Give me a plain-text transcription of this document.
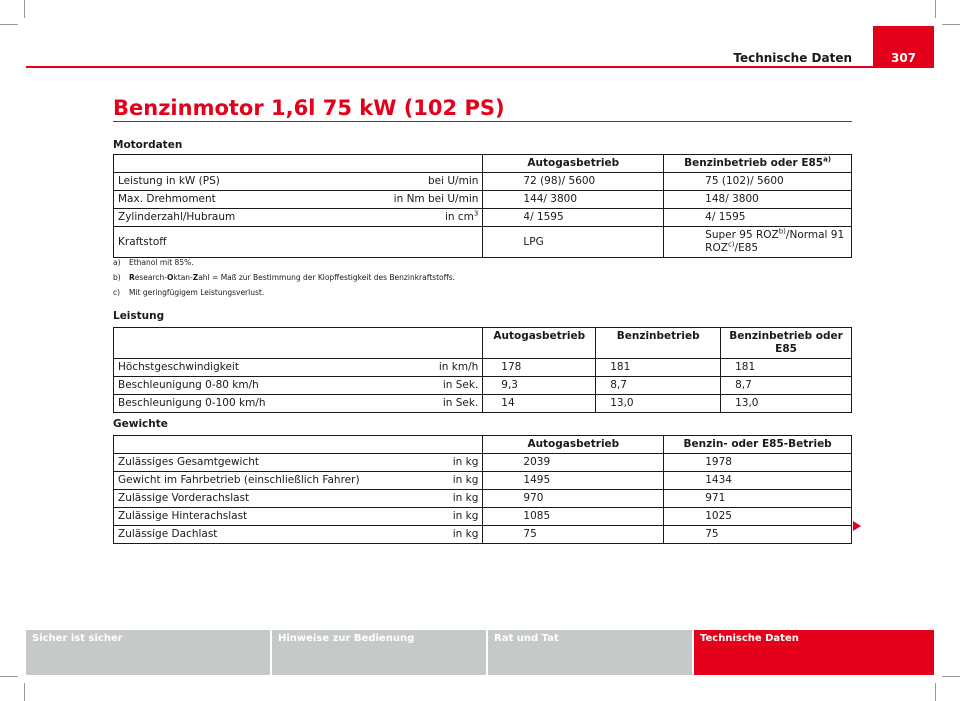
Technische Daten	307
Benzinmotor 1,6l 75 kW (102 PS)
Motordaten
	Autogasbetrieb	Benzinbetrieb oder E85$^{a)}$

Leistung in kW (PS) bei U/min	72 (98)/ 5600	75 (102)/ 5600

Max. Drehmoment in Nm bei U/min	144/ 3800	148/ 3800

Zylinderzahl/Hubraum in $cm^3$	4/ 1595	4/ 1595

Kraftstoff	LPG	Super 95 ROZ$^{b)}$/Normal 91 ROZ$^{c)}$/E85
a)	Ethanol mit 85%.
b)	Research-Oktan-Zahl = Maß zur Bestimmung der Klopffestigkeit des Benzinkraftstoffs.
c)	Mit geringfügigem Leistungsverlust.
Leistung
	Autogasbetrieb	Benzinbetrieb	Benzinbetrieb oder E85

Höchstgeschwindigkeit in km/h	178	181	181

Beschleunigung 0-80 km/h in Sek.	9,3	8,7	8,7

Beschleunigung 0-100 km/h in Sek.	14	13,0	13,0
Gewichte
	Autogasbetrieb	Benzin- oder E85-Betrieb

Zulässiges Gesamtgewicht in kg	2039	1978

Gewicht im Fahrbetrieb (einschließlich Fahrer) in kg	1495	1434

Zulässige Vorderachslast in kg	970	971

Zulässige Hinterachslast in kg	1085	1025

Zulässige Dachlast in kg	75	75
Sicher ist sicher	Hinweise zur Bedienung	Rat und Tat	Technische Daten
